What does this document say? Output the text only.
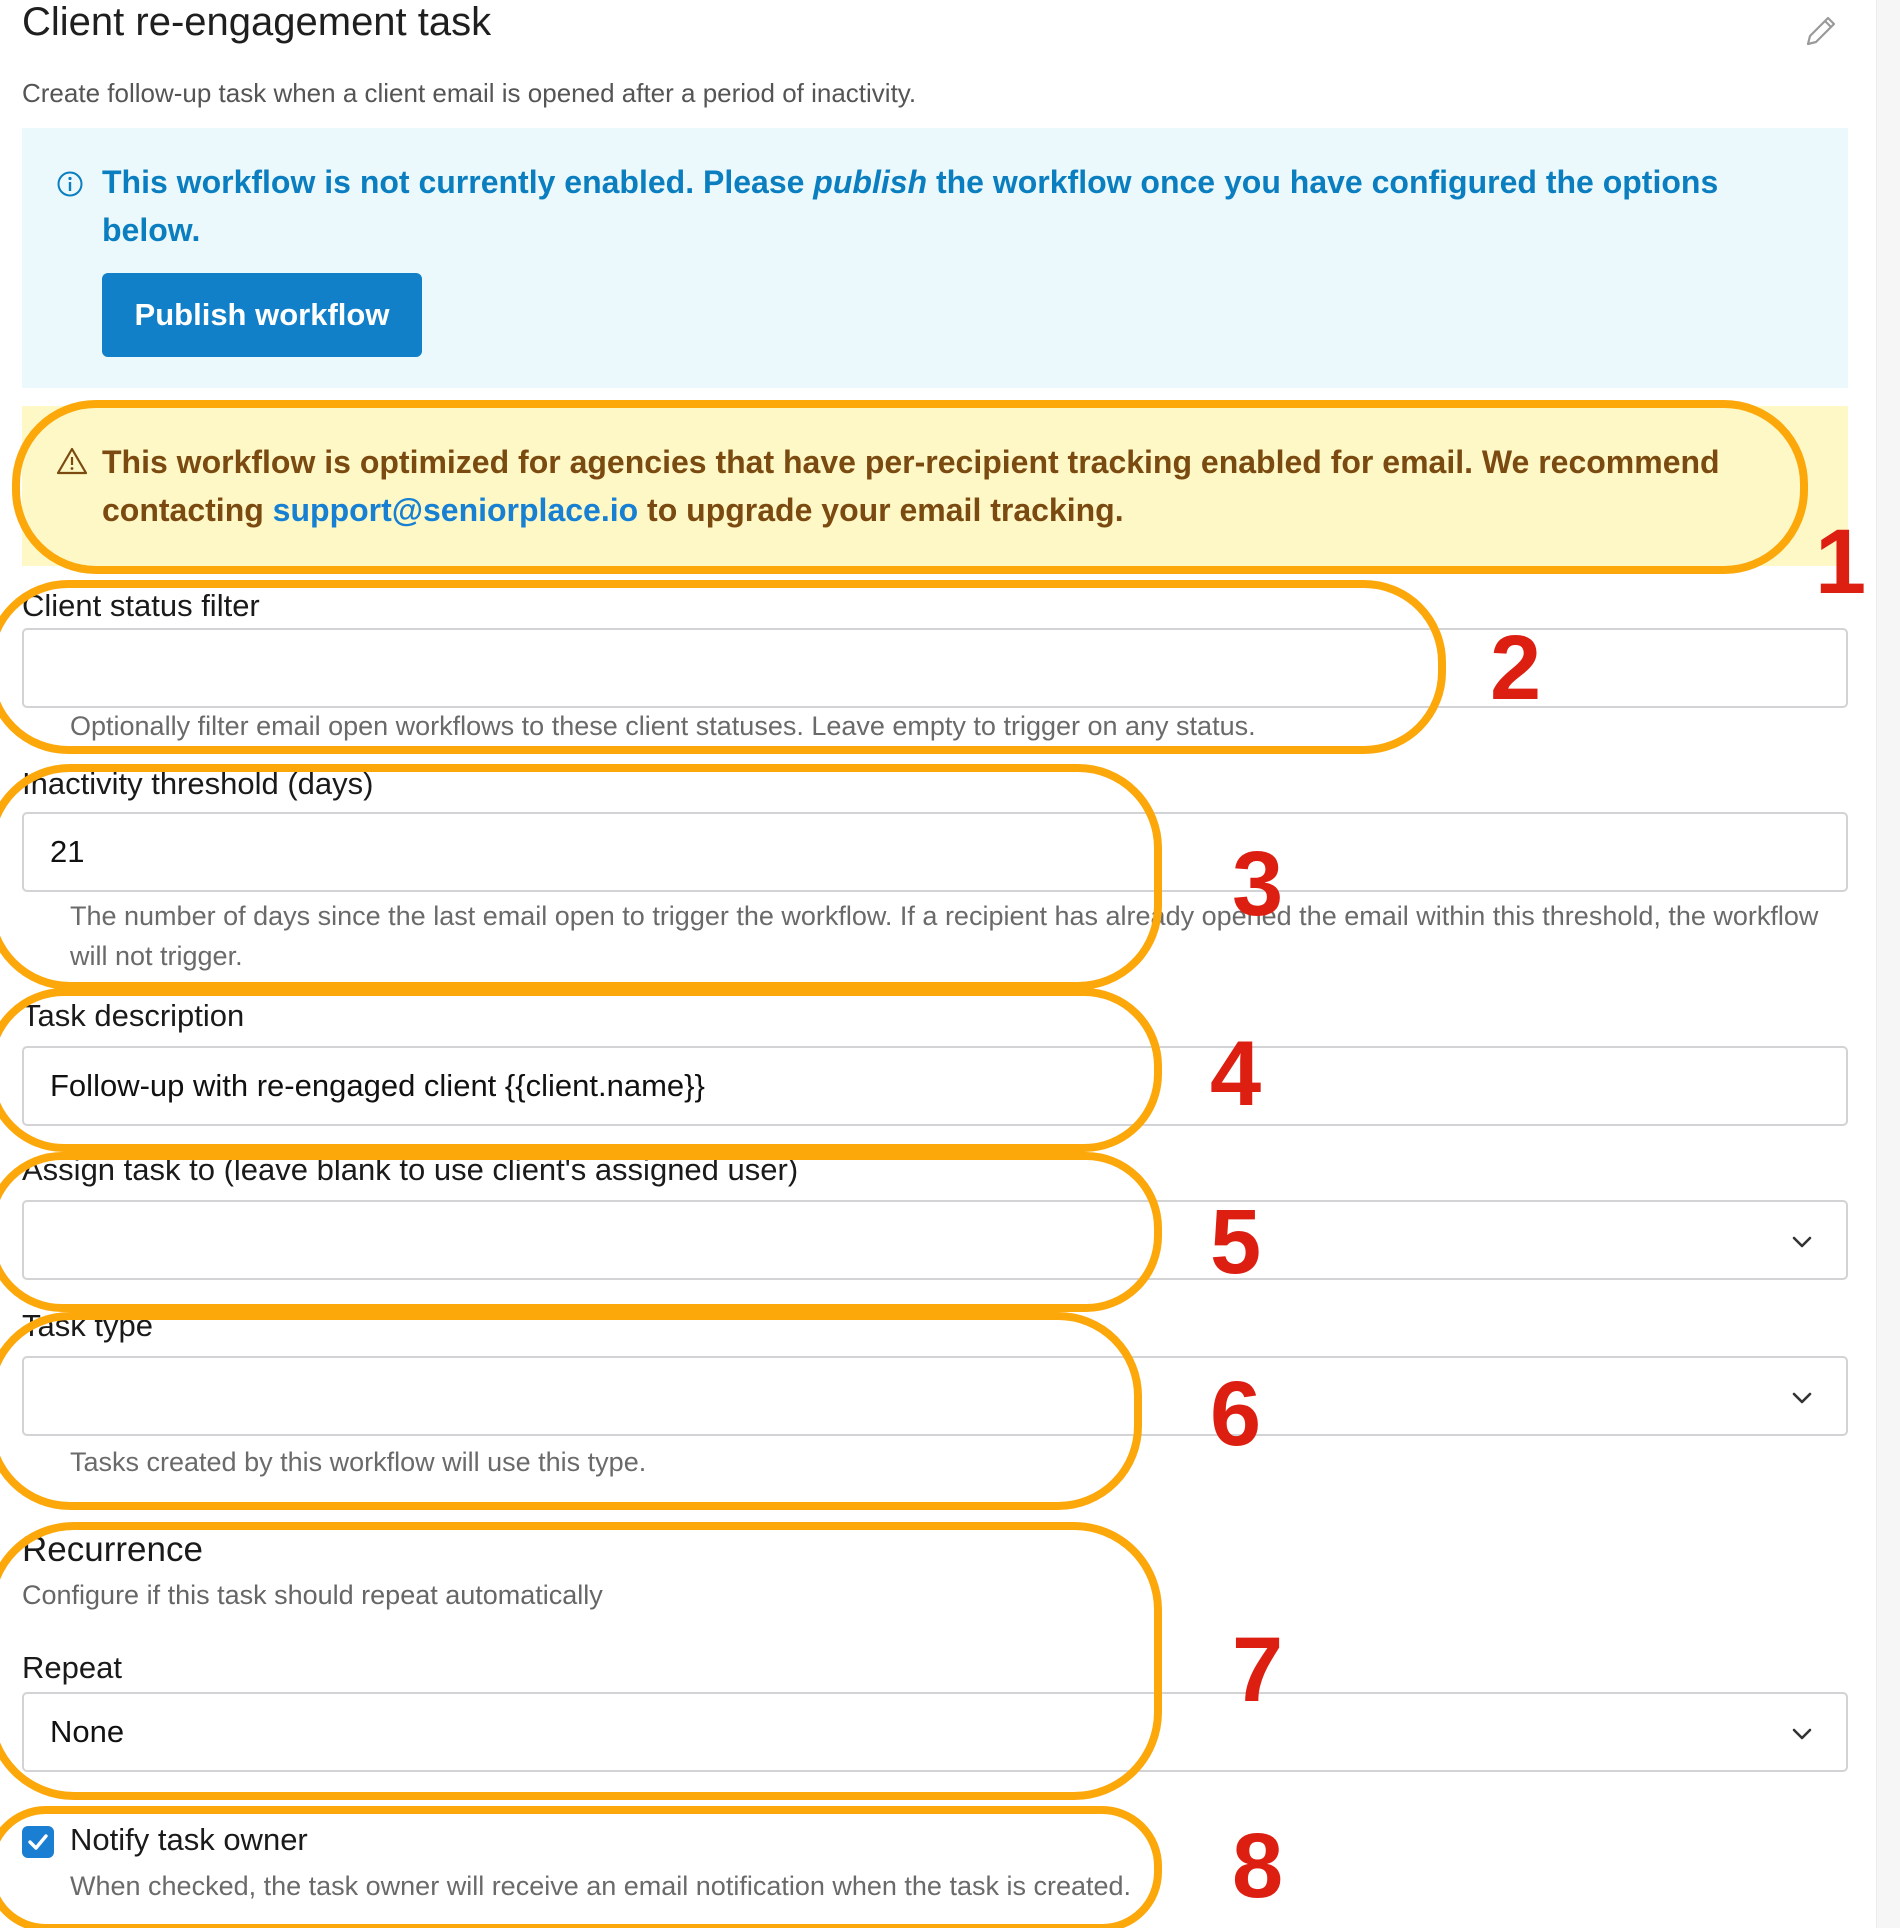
Client re-engagement task
Create follow-up task when a client email is opened after a period of inactivity.
This workflow is not currently enabled. Please publish the workflow once you have configured the options below.
Publish workflow
This workflow is optimized for agencies that have per-recipient tracking enabled for email. We recommend contacting support@seniorplace.io to upgrade your email tracking.
Client status filter
Optionally filter email open workflows to these client statuses. Leave empty to trigger on any status.
Inactivity threshold (days)
21
The number of days since the last email open to trigger the workflow. If a recipient has already opened the email within this threshold, the workflow will not trigger.
Task description
Follow-up with re-engaged client {{client.name}}
Assign task to (leave blank to use client's assigned user)
Task type
Tasks created by this workflow will use this type.
Recurrence
Configure if this task should repeat automatically
Repeat
None
Notify task owner
When checked, the task owner will receive an email notification when the task is created.
1
2
3
4
5
6
7
8
